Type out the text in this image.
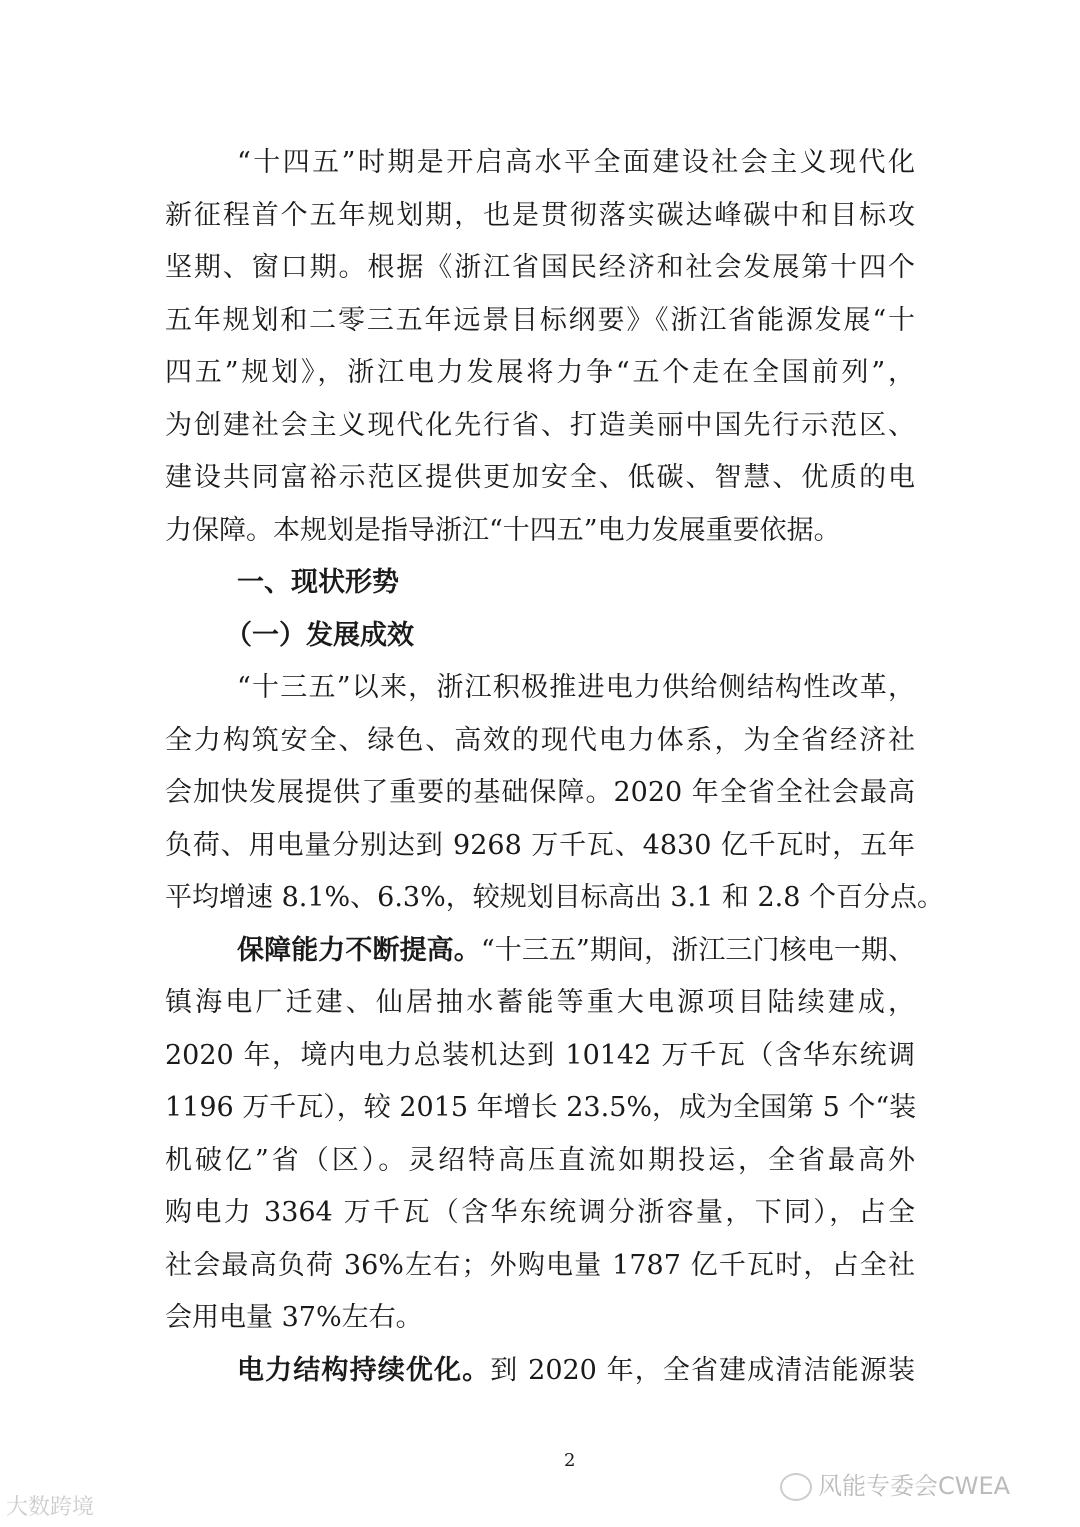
“十四五”时期是开启高水平全面建设社会主义现代化
新征程首个五年规划期，也是贯彻落实碳达峰碳中和目标攻
坚期、窗口期。根据《浙江省国民经济和社会发展第十四个
五年规划和二零三五年远景目标纲要》《浙江省能源发展“十
四五”规划》，浙江电力发展将力争“五个走在全国前列”，
为创建社会主义现代化先行省、打造美丽中国先行示范区、
建设共同富裕示范区提供更加安全、低碳、智慧、优质的电
力保障。本规划是指导浙江“十四五”电力发展重要依据。
一、现状形势
（一）发展成效
“十三五”以来，浙江积极推进电力供给侧结构性改革，
全力构筑安全、绿色、高效的现代电力体系，为全省经济社
会加快发展提供了重要的基础保障。2020 年全省全社会最高
负荷、用电量分别达到 9268 万千瓦、4830 亿千瓦时，五年
平均增速 8.1%、6.3%，较规划目标高出 3.1 和 2.8 个百分点。
保障能力不断提高。“十三五”期间，浙江三门核电一期、
镇海电厂迁建、仙居抽水蓄能等重大电源项目陆续建成，
2020 年，境内电力总装机达到 10142 万千瓦（含华东统调
1196 万千瓦），较 2015 年增长 23.5%，成为全国第 5 个“装
机破亿”省（区）。灵绍特高压直流如期投运，全省最高外
购电力 3364 万千瓦（含华东统调分浙容量，下同），占全
社会最高负荷 36%左右；外购电量 1787 亿千瓦时，占全社
会用电量 37%左右。
电力结构持续优化。到 2020 年，全省建成清洁能源装
2
风能专委会CWEA
大数跨境
